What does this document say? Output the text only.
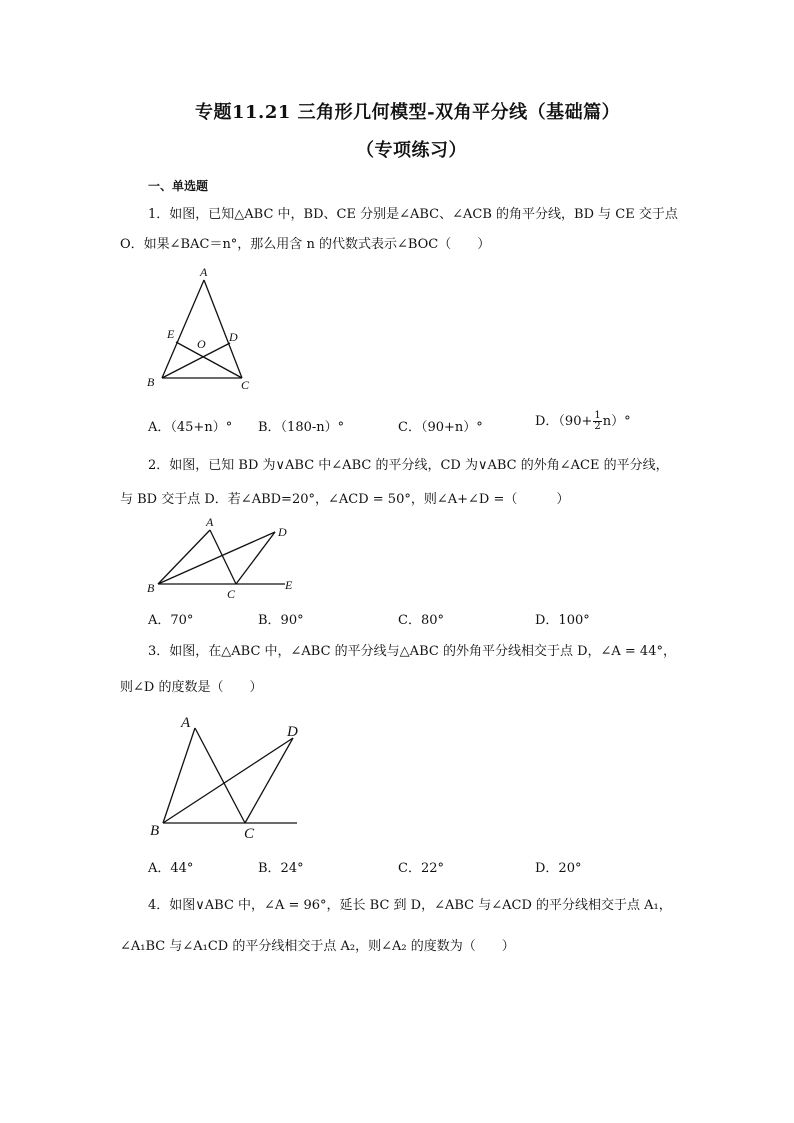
专题11.21 三角形几何模型-双角平分线（基础篇）
（专项练习）
一、单选题
1．如图，已知△ABC 中，BD、CE 分别是∠ABC、∠ACB 的角平分线，BD 与 CE 交于点
O．如果∠BAC＝n°，那么用含 n 的代数式表示∠BOC（　　）
A
E
O D
B	C
A．（45+n）° B．（180-n）°	C．（90+n）°	D．$(90+ \frac{1}{2} n)^\circ$
2．如图，已知 BD 为∨ABC 中∠ABC 的平分线，CD 为∨ABC 的外角∠ACE 的平分线，
与 BD 交于点 D．若∠ABD=20°，∠ACD = 50°，则∠A+∠D =（　　　）
A
D
B	C
E
A．70°	B．90°	C．80°	D．100°
3．如图，在△ABC 中，∠ABC 的平分线与△ABC 的外角平分线相交于点 D，∠A = 44°，
则∠D 的度数是（　　）
A
D
B	C
A．44°	B．24°	C．22°	D．20°
4．如图∨ABC 中，∠A = 96°，延长 BC 到 D，∠ABC 与∠ACD 的平分线相交于点 A₁，
∠A₁BC 与∠A₁CD 的平分线相交于点 A₂，则∠A₂ 的度数为（　　）
